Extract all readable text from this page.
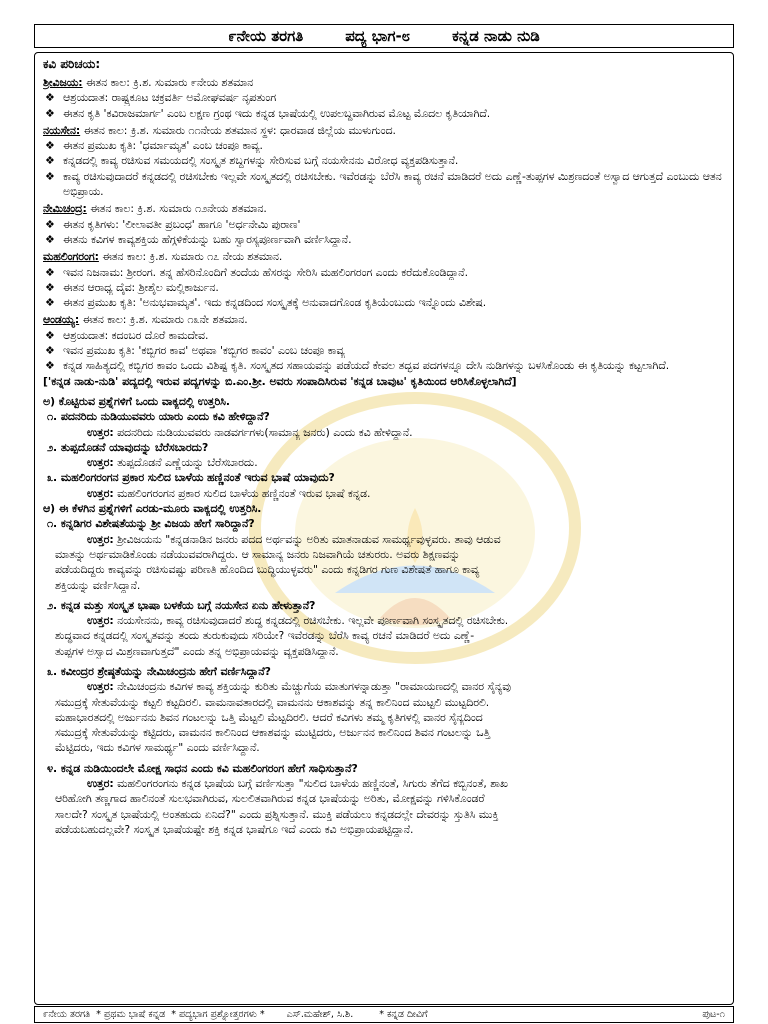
೯ನೇಯ ತರಗತಿ	ಪದ್ಯ ಭಾಗ-೮	ಕನ್ನಡ ನಾಡು ನುಡಿ
ಕವಿ ಪರಿಚಯ:
ಶ್ರೀವಿಜಯ: ಈತನ ಕಾಲ: ಕ್ರಿ.ಶ. ಸುಮಾರು ೯ನೇಯ ಶತಮಾನ
❖ ಆಶ್ರಯದಾತ: ರಾಷ್ಟ್ರಕೂಟ ಚಕ್ರವರ್ತಿ ಅಮೋಘವರ್ಷ ನೃಪತುಂಗ
❖ ಈತನ ಕೃತಿ 'ಕವಿರಾಜಮಾರ್ಗ' ಎಂಬ ಲಕ್ಷಣ ಗ್ರಂಥ ಇದು ಕನ್ನಡ ಭಾಷೆಯಲ್ಲಿ ಉಪಲಬ್ಧವಾಗಿರುವ ಮೊಟ್ಟ ಮೊದಲ ಕೃತಿಯಾಗಿದೆ.
ನಯಸೇನ: ಈತನ ಕಾಲ: ಕ್ರಿ.ಶ. ಸುಮಾರು ೧೧ನೇಯ ಶತಮಾನ ಸ್ಥಳ: ಧಾರವಾಡ ಜಿಲ್ಲೆಯ ಮುಳುಗುಂದ.
❖ ಈತನ ಪ್ರಮುಖ ಕೃತಿ: 'ಧರ್ಮಾಮೃತ' ಎಂಬ ಚಂಪೂ ಕಾವ್ಯ.
❖ ಕನ್ನಡದಲ್ಲಿ ಕಾವ್ಯ ರಚಿಸುವ ಸಮಯದಲ್ಲಿ ಸಂಸ್ಕೃತ ಶಬ್ದಗಳನ್ನು ಸೇರಿಸುವ ಬಗ್ಗೆ ನಯಸೇನನು ವಿರೋಧ ವ್ಯಕ್ತಪಡಿಸುತ್ತಾನೆ.
❖ ಕಾವ್ಯ ರಚಿಸುವುದಾದರೆ ಕನ್ನಡದಲ್ಲಿ ರಚಿಸಬೇಕು ಇಲ್ಲವೇ ಸಂಸ್ಕೃತದಲ್ಲಿ ರಚಿಸಬೇಕು. ಇವೆರಡನ್ನು ಬೆರೆಸಿ ಕಾವ್ಯ ರಚನೆ ಮಾಡಿದರೆ ಅದು ಎಣ್ಣೆ-ತುಪ್ಪಗಳ ಮಿಶ್ರಣದಂತೆ ಅಸ್ವಾದ ಆಗುತ್ತದೆ ಎಂಬುದು ಆತನ ಅಭಿಪ್ರಾಯ.
ನೇಮಿಚಂದ್ರ: ಈತನ ಕಾಲ: ಕ್ರಿ.ಶ. ಸುಮಾರು ೧೨ನೇಯ ಶತಮಾನ.
❖ ಈತನ ಕೃತಿಗಳು: 'ಲೀಲಾವತೀ ಪ್ರಬಂಧ' ಹಾಗೂ 'ಅರ್ಧನೇಮಿ ಪುರಾಣ'
❖ ಈತನು ಕವಿಗಳ ಕಾವ್ಯಶಕ್ತಿಯ ಹೆಗ್ಗಳಿಕೆಯನ್ನು ಬಹು ಸ್ವಾರಸ್ಯಪೂರ್ಣವಾಗಿ ವರ್ಣಿಸಿದ್ದಾನೆ.
ಮಹಲಿಂಗರಂಗ: ಈತನ ಕಾಲ: ಕ್ರಿ.ಶ. ಸುಮಾರು ೧೭ ನೇಯ ಶತಮಾನ.
❖ ಇವನ ನಿಜನಾಮ: ಶ್ರೀರಂಗ. ತನ್ನ ಹೆಸರಿನೊಂದಿಗೆ ತಂದೆಯ ಹೆಸರನ್ನು ಸೇರಿಸಿ ಮಹಲಿಂಗರಂಗ ಎಂದು ಕರೆದುಕೊಂಡಿದ್ದಾನೆ.
❖ ಈತನ ಆರಾಧ್ಯ ದೈವ: ಶ್ರೀಶೈಲ ಮಲ್ಲಿಕಾರ್ಜುನ.
❖ ಈತನ ಪ್ರಮುಖ ಕೃತಿ: 'ಅನುಭವಾಮೃತ'. ಇದು ಕನ್ನಡದಿಂದ ಸಂಸ್ಕೃತಕ್ಕೆ ಅನುವಾದಗೊಂಡ ಕೃತಿಯೆಂಬುದು ಇನ್ನೊಂದು ವಿಶೇಷ.
ಆಂಡಯ್ಯ: ಈತನ ಕಾಲ: ಕ್ರಿ.ಶ. ಸುಮಾರು ೧೩ನೇ ಶತಮಾನ.
❖ ಆಶ್ರಯದಾತ: ಕದಂಬರ ದೊರೆ ಕಾಮದೇವ.
❖ ಇವನ ಪ್ರಮುಖ ಕೃತಿ: 'ಕಬ್ಬಿಗರ ಕಾವ' ಅಥವಾ 'ಕಬ್ಬಿಗರ ಕಾವಂ' ಎಂಬ ಚಂಪೂ ಕಾವ್ಯ
❖ ಕನ್ನಡ ಸಾಹಿತ್ಯದಲ್ಲಿ ಕಬ್ಬಿಗರ ಕಾವಂ ಒಂದು ವಿಶಿಷ್ಟ ಕೃತಿ. ಸಂಸ್ಕೃತದ ಸಹಾಯವನ್ನು ಪಡೆಯದೆ ಕೇವಲ ತದ್ಭವ ಪದಗಳನ್ನೂ ದೇಸಿ ನುಡಿಗಳನ್ನು ಬಳಸಿಕೊಂಡು ಈ ಕೃತಿಯನ್ನು ಕಟ್ಟಲಾಗಿದೆ.
['ಕನ್ನಡ ನಾಡು-ನುಡಿ' ಪದ್ಯದಲ್ಲಿ ಇರುವ ಪದ್ಯಗಳನ್ನು ಬಿ.ಎಂ.ಶ್ರೀ. ಅವರು ಸಂಪಾದಿಸಿರುವ 'ಕನ್ನಡ ಬಾವುಟ' ಕೃತಿಯಿಂದ ಆರಿಸಿಕೊಳ್ಳಲಾಗಿದೆ]
ಅ) ಕೊಟ್ಟಿರುವ ಪ್ರಶ್ನೆಗಳಿಗೆ ಒಂದು ವಾಕ್ಯದಲ್ಲಿ ಉತ್ತರಿಸಿ.
೧. ಪದನರಿದು ನುಡಿಯುವವರು ಯಾರು ಎಂದು ಕವಿ ಹೇಳಿದ್ದಾನೆ?
ಉತ್ತರ: ಪದನರಿದು ನುಡಿಯುವವರು ನಾಡವರ್ಗಗಳು(ಸಾಮಾನ್ಯ ಜನರು) ಎಂದು ಕವಿ ಹೇಳಿದ್ದಾನೆ.
೨. ತುಪ್ಪದೊಡನೆ ಯಾವುದನ್ನು ಬೆರೆಸಬಾರದು?
ಉತ್ತರ: ತುಪ್ಪದೊಡನೆ ಎಣ್ಣೆಯನ್ನು ಬೆರೆಸಬಾರದು.
೩. ಮಹಲಿಂಗರಂಗನ ಪ್ರಕಾರ ಸುಲಿದ ಬಾಳೆಯ ಹಣ್ಣಿನಂತೆ ಇರುವ ಭಾಷೆ ಯಾವುದು?
ಉತ್ತರ: ಮಹಲಿಂಗರಂಗನ ಪ್ರಕಾರ ಸುಲಿದ ಬಾಳೆಯ ಹಣ್ಣಿನಂತೆ ಇರುವ ಭಾಷೆ ಕನ್ನಡ.
ಆ) ಈ ಕೆಳಗಿನ ಪ್ರಶ್ನೆಗಳಿಗೆ ಎರಡು-ಮೂರು ವಾಕ್ಯದಲ್ಲಿ ಉತ್ತರಿಸಿ.
೧. ಕನ್ನಡಿಗರ ವಿಶೇಷತೆಯನ್ನು ಶ್ರೀ ವಿಜಯ ಹೇಗೆ ಸಾರಿದ್ದಾನೆ?
ಉತ್ತರ: ಶ್ರೀವಿಜಯನು "ಕನ್ನಡನಾಡಿನ ಜನರು ಪದದ ಅರ್ಥವನ್ನು ಅರಿತು ಮಾತನಾಡುವ ಸಾಮರ್ಥ್ಯವುಳ್ಳವರು. ತಾವು ಆಡುವ
ಮಾತನ್ನು ಅರ್ಥಮಾಡಿಕೊಂಡು ನಡೆಯುವವರಾಗಿದ್ದರು. ಆ ಸಾಮಾನ್ಯ ಜನರು ನಿಜವಾಗಿಯೆ ಚತುರರು. ಅವರು ಶಿಕ್ಷಣವನ್ನು
ಪಡೆಯದಿದ್ದರು ಕಾವ್ಯವನ್ನು ರಚಿಸುವಷ್ಟು ಪರಿಣತಿ ಹೊಂದಿದ ಬುದ್ಧಿಯುಳ್ಳವರು" ಎಂದು ಕನ್ನಡಿಗರ ಗುಣ ವಿಶೇಷತೆ ಹಾಗೂ ಕಾವ್ಯ
ಶಕ್ತಿಯನ್ನು ವರ್ಣಿಸಿದ್ದಾನೆ.
೨. ಕನ್ನಡ ಮತ್ತು ಸಂಸ್ಕೃತ ಭಾಷಾ ಬಳಕೆಯ ಬಗ್ಗೆ ನಯಸೇನ ಏನು ಹೇಳುತ್ತಾನೆ?
ಉತ್ತರ: ನಯಸೇನನು, ಕಾವ್ಯ ರಚಿಸುವುದಾದರೆ ಶುದ್ಧ ಕನ್ನಡದಲ್ಲಿ ರಚಿಸಬೇಕು. ಇಲ್ಲವೇ ಪೂರ್ಣವಾಗಿ ಸಂಸ್ಕೃತದಲ್ಲಿ ರಚಿಸಬೇಕು.
ಶುದ್ಧವಾದ ಕನ್ನಡದಲ್ಲಿ ಸಂಸ್ಕೃತವನ್ನು ತಂದು ತುರುಕುವುದು ಸರಿಯೇ? ಇವೆರಡನ್ನು ಬೆರೆಸಿ ಕಾವ್ಯ ರಚನೆ ಮಾಡಿದರೆ ಅದು ಎಣ್ಣೆ-
ತುಪ್ಪಗಳ ಅಸ್ವಾದ ಮಿಶ್ರಣವಾಗುತ್ತದೆ" ಎಂದು ತನ್ನ ಅಭಿಪ್ರಾಯವನ್ನು ವ್ಯಕ್ತಪಡಿಸಿದ್ದಾನೆ.
೩. ಕವೀಂದ್ರರ ಶ್ರೇಷ್ಠತೆಯನ್ನು ನೇಮಿಚಂದ್ರನು ಹೇಗೆ ವರ್ಣಿಸಿದ್ದಾನೆ?
ಉತ್ತರ: ನೇಮಿಚಂದ್ರನು ಕವಿಗಳ ಕಾವ್ಯ ಶಕ್ತಿಯನ್ನು ಕುರಿತು ಮೆಚ್ಚುಗೆಯ ಮಾತುಗಳನ್ನಾಡುತ್ತಾ "ರಾಮಾಯಣದಲ್ಲಿ ವಾನರ ಸೈನ್ಯವು
ಸಮುದ್ರಕ್ಕೆ ಸೇತುವೆಯನ್ನು ಕಟ್ಟಲಿ ಕಟ್ಟದಿರಲಿ. ವಾಮನಾವತಾರದಲ್ಲಿ ವಾಮನನು ಆಕಾಶವನ್ನು ತನ್ನ ಕಾಲಿನಿಂದ ಮುಟ್ಟಲಿ ಮುಟ್ಟದಿರಲಿ.
ಮಹಾಭಾರತದಲ್ಲಿ ಅರ್ಜುನನು ಶಿವನ ಗಂಟಲನ್ನು ಒತ್ತಿ ಮೆಟ್ಟಲಿ ಮೆಟ್ಟದಿರಲಿ. ಆದರೆ ಕವಿಗಳು ತಮ್ಮ ಕೃತಿಗಳಲ್ಲಿ ವಾನರ ಸೈನ್ಯದಿಂದ
ಸಮುದ್ರಕ್ಕೆ ಸೇತುವೆಯನ್ನು ಕಟ್ಟಿದರು, ವಾಮನನ ಕಾಲಿನಿಂದ ಆಕಾಶವನ್ನು ಮುಟ್ಟಿದರು, ಅರ್ಜುನನ ಕಾಲಿನಿಂದ ಶಿವನ ಗಂಟಲನ್ನು ಒತ್ತಿ
ಮೆಟ್ಟಿದರು, ಇದು ಕವಿಗಳ ಸಾಮರ್ಥ್ಯ" ಎಂದು ವರ್ಣಿಸಿದ್ದಾನೆ.
೪. ಕನ್ನಡ ನುಡಿಯಿಂದಲೇ ಮೋಕ್ಷ ಸಾಧನ ಎಂದು ಕವಿ ಮಹಲಿಂಗರಂಗ ಹೇಗೆ ಸಾಧಿಸುತ್ತಾನೆ?
ಉತ್ತರ: ಮಹಲಿಂಗರಂಗನು ಕನ್ನಡ ಭಾಷೆಯ ಬಗ್ಗೆ ವರ್ಣಿಸುತ್ತಾ "ಸುಲಿದ ಬಾಳೆಯ ಹಣ್ಣಿನಂತೆ, ಸಿಗುರು ತೆಗೆದ ಕಬ್ಬಿನಂತೆ, ಶಾಖ
ಆರಿಹೋಗಿ ತಣ್ಣಗಾದ ಹಾಲಿನಂತೆ ಸುಲಭವಾಗಿರುವ, ಸುಲಲಿತವಾಗಿರುವ ಕನ್ನಡ ಭಾಷೆಯನ್ನು ಅರಿತು, ಮೋಕ್ಷವನ್ನು ಗಳಿಸಿಕೊಂಡರೆ
ಸಾಲದೇ? ಸಂಸ್ಕೃತ ಭಾಷೆಯಲ್ಲಿ ಅಂತಹುದು ಏನಿದೆ?" ಎಂದು ಪ್ರಶ್ನಿಸುತ್ತಾನೆ. ಮುಕ್ತಿ ಪಡೆಯಲು ಕನ್ನಡದಲ್ಲೇ ದೇವರನ್ನು ಸ್ತುತಿಸಿ ಮುಕ್ತಿ
ಪಡೆಯಬಹುದಲ್ಲವೇ? ಸಂಸ್ಕೃತ ಭಾಷೆಯಷ್ಟೇ ಶಕ್ತಿ ಕನ್ನಡ ಭಾಷೆಗೂ ಇದೆ ಎಂದು ಕವಿ ಅಭಿಪ್ರಾಯಪಟ್ಟಿದ್ದಾನೆ.
೯ನೇಯ ತರಗತಿ * ಪ್ರಥಮ ಭಾಷೆ ಕನ್ನಡ * ಪದ್ಯಭಾಗ ಪ್ರಶ್ನೋತ್ತರಗಳು * ಎಸ್.ಮಹೇಶ್, ಸಿ.ಶಿ.	* ಕನ್ನಡ ದೀವಿಗೆ	ಪುಟ-೧
